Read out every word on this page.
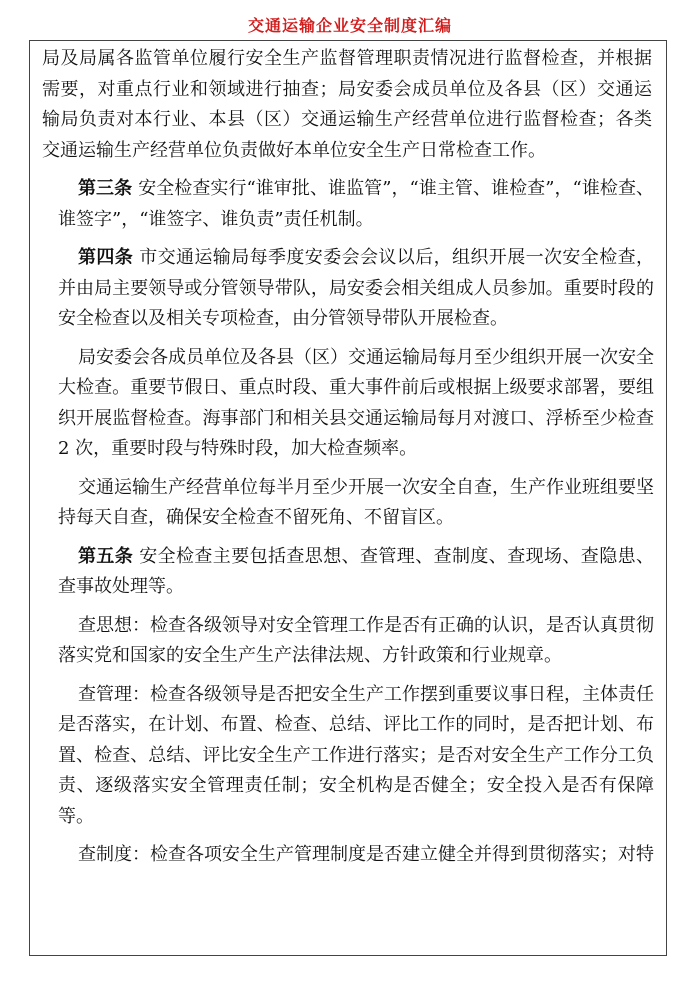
交通运输企业安全制度汇编

局及局属各监管单位履行安全生产监督管理职责情况进行监督检查，并根据需要，对重点行业和领域进行抽查；局安委会成员单位及各县（区）交通运输局负责对本行业、本县（区）交通运输生产经营单位进行监督检查；各类交通运输生产经营单位负责做好本单位安全生产日常检查工作。

第三条 安全检查实行“谁审批、谁监管”，“谁主管、谁检查”，“谁检查、谁签字”，“谁签字、谁负责”责任机制。

第四条 市交通运输局每季度安委会会议以后，组织开展一次安全检查，并由局主要领导或分管领导带队，局安委会相关组成人员参加。重要时段的安全检查以及相关专项检查，由分管领导带队开展检查。

局安委会各成员单位及各县（区）交通运输局每月至少组织开展一次安全大检查。重要节假日、重点时段、重大事件前后或根据上级要求部署，要组织开展监督检查。海事部门和相关县交通运输局每月对渡口、浮桥至少检查 2 次，重要时段与特殊时段，加大检查频率。

交通运输生产经营单位每半月至少开展一次安全自查，生产作业班组要坚持每天自查，确保安全检查不留死角、不留盲区。

第五条 安全检查主要包括查思想、查管理、查制度、查现场、查隐患、查事故处理等。

查思想：检查各级领导对安全管理工作是否有正确的认识，是否认真贯彻落实党和国家的安全生产生产法律法规、方针政策和行业规章。

查管理：检查各级领导是否把安全生产工作摆到重要议事日程，主体责任是否落实，在计划、布置、检查、总结、评比工作的同时，是否把计划、布置、检查、总结、评比安全生产工作进行落实；是否对安全生产工作分工负责、逐级落实安全管理责任制；安全机构是否健全；安全投入是否有保障等。

查制度：检查各项安全生产管理制度是否建立健全并得到贯彻落实；对特
